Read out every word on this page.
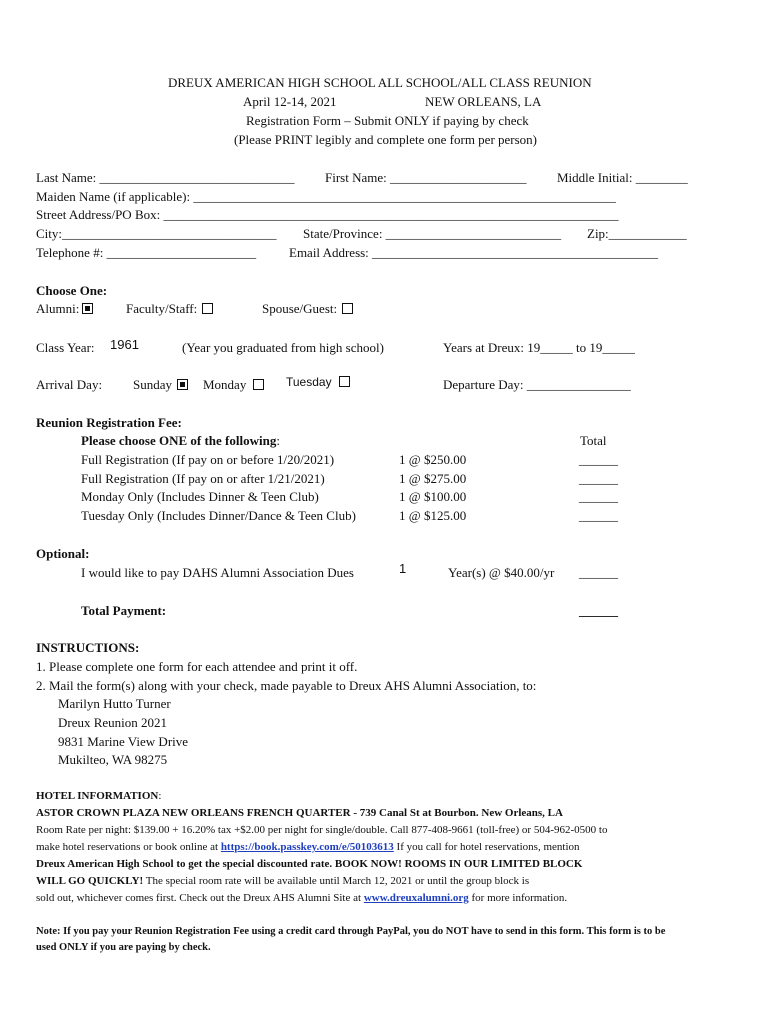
DREUX AMERICAN HIGH SCHOOL ALL SCHOOL/ALL CLASS REUNION
April 12-14, 2021	NEW ORLEANS, LA
Registration Form – Submit ONLY if paying by check
(Please PRINT legibly and complete one form per person)
Last Name: ______________________________ First Name: _____________________ Middle Initial: ________
Maiden Name (if applicable): _________________________________________________________________
Street Address/PO Box: ______________________________________________________________________
City:_________________________________ State/Province: ___________________________ Zip:____________
Telephone #: _______________________	Email Address: ____________________________________________
Choose One:
Alumni:	Faculty/Staff:	Spouse/Guest:
Class Year: 1961	(Year you graduated from high school)	Years at Dreux: 19_____ to 19_____
Arrival Day: Sunday	Monday	Tuesday	Departure Day: ________________
Reunion Registration Fee:
Please choose ONE of the following:	Total
Full Registration (If pay on or before 1/20/2021)	1 @ $250.00	______
Full Registration (If pay on or after 1/21/2021)	1 @ $275.00	______
Monday Only (Includes Dinner & Teen Club)	1 @ $100.00	______
Tuesday Only (Includes Dinner/Dance & Teen Club)	1 @ $125.00	______
Optional:
I would like to pay DAHS Alumni Association Dues	1	Year(s) @ $40.00/yr ______
Total Payment:	______
INSTRUCTIONS:
1. Please complete one form for each attendee and print it off.
2. Mail the form(s) along with your check, made payable to Dreux AHS Alumni Association, to:
Marilyn Hutto Turner
Dreux Reunion 2021
9831 Marine View Drive
Mukilteo, WA 98275
HOTEL INFORMATION:
ASTOR CROWN PLAZA NEW ORLEANS FRENCH QUARTER - 739 Canal St at Bourbon. New Orleans, LA
Room Rate per night: $139.00 + 16.20% tax +$2.00 per night for single/double. Call 877-408-9661 (toll-free) or 504-962-0500 to
make hotel reservations or book online at https://book.passkey.com/e/50103613 If you call for hotel reservations, mention
Dreux American High School to get the special discounted rate. BOOK NOW! ROOMS IN OUR LIMITED BLOCK
WILL GO QUICKLY! The special room rate will be available until March 12, 2021 or until the group block is
sold out, whichever comes first. Check out the Dreux AHS Alumni Site at www.dreuxalumni.org for more information.
Note: If you pay your Reunion Registration Fee using a credit card through PayPal, you do NOT have to send in this form. This form is to be
used ONLY if you are paying by check.
